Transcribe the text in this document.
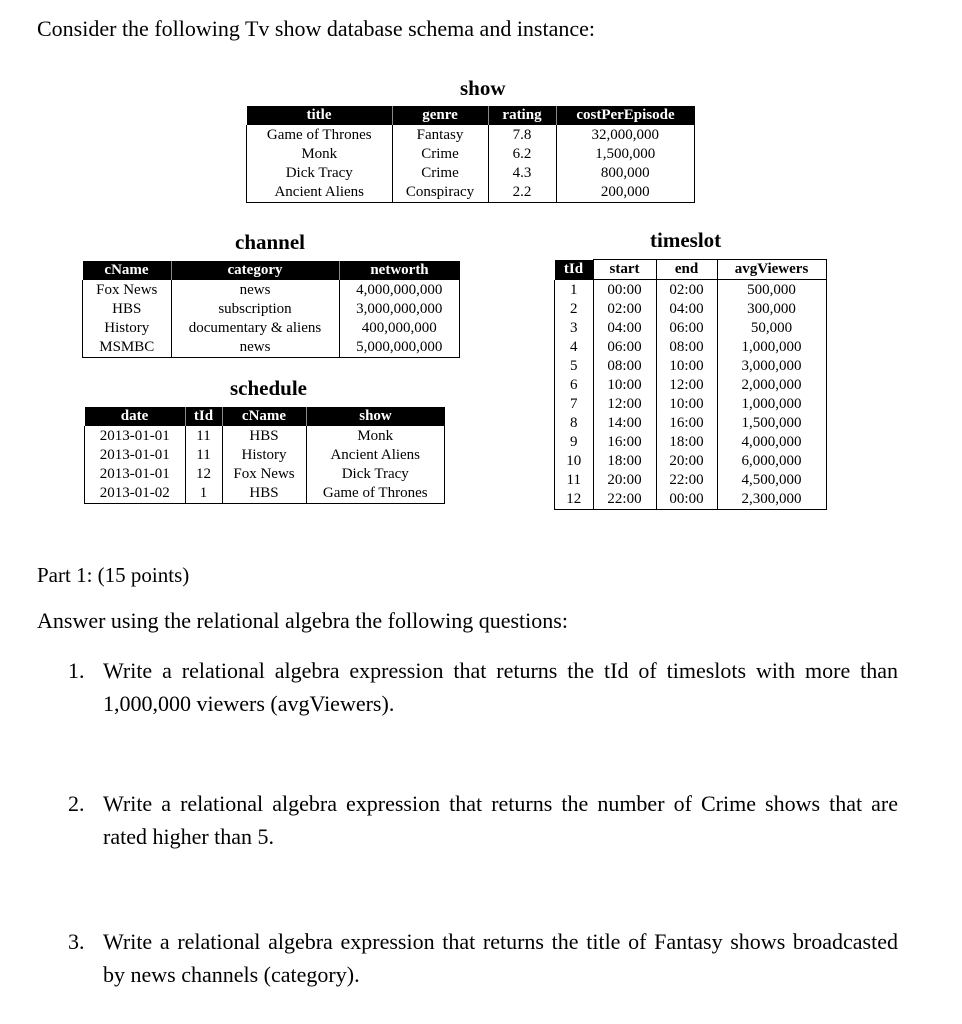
Consider the following Tv show database schema and instance:
show
title	genre	rating	costPerEpisode
Game of Thrones	Fantasy	7.8	32,000,000
Monk	Crime	6.2	1,500,000
Dick Tracy	Crime	4.3	800,000
Ancient Aliens	Conspiracy	2.2	200,000
channel
cName	category	networth
Fox News	news	4,000,000,000
HBS	subscription	3,000,000,000
History	documentary & aliens	400,000,000
MSMBC	news	5,000,000,000
schedule
date	tId	cName	show
2013-01-01	11	HBS	Monk
2013-01-01	11	History	Ancient Aliens
2013-01-01	12	Fox News	Dick Tracy
2013-01-02	1	HBS	Game of Thrones
timeslot
tId	start	end	avgViewers
1	00:00	02:00	500,000
2	02:00	04:00	300,000
3	04:00	06:00	50,000
4	06:00	08:00	1,000,000
5	08:00	10:00	3,000,000
6	10:00	12:00	2,000,000
7	12:00	10:00	1,000,000
8	14:00	16:00	1,500,000
9	16:00	18:00	4,000,000
10	18:00	20:00	6,000,000
11	20:00	22:00	4,500,000
12	22:00	00:00	2,300,000
Part 1: (15 points)
Answer using the relational algebra the following questions:
1. Write a relational algebra expression that returns the tId of timeslots with more than 1,000,000 viewers (avgViewers).
2. Write a relational algebra expression that returns the number of Crime shows that are rated higher than 5.
3. Write a relational algebra expression that returns the title of Fantasy shows broadcasted by news channels (category).
